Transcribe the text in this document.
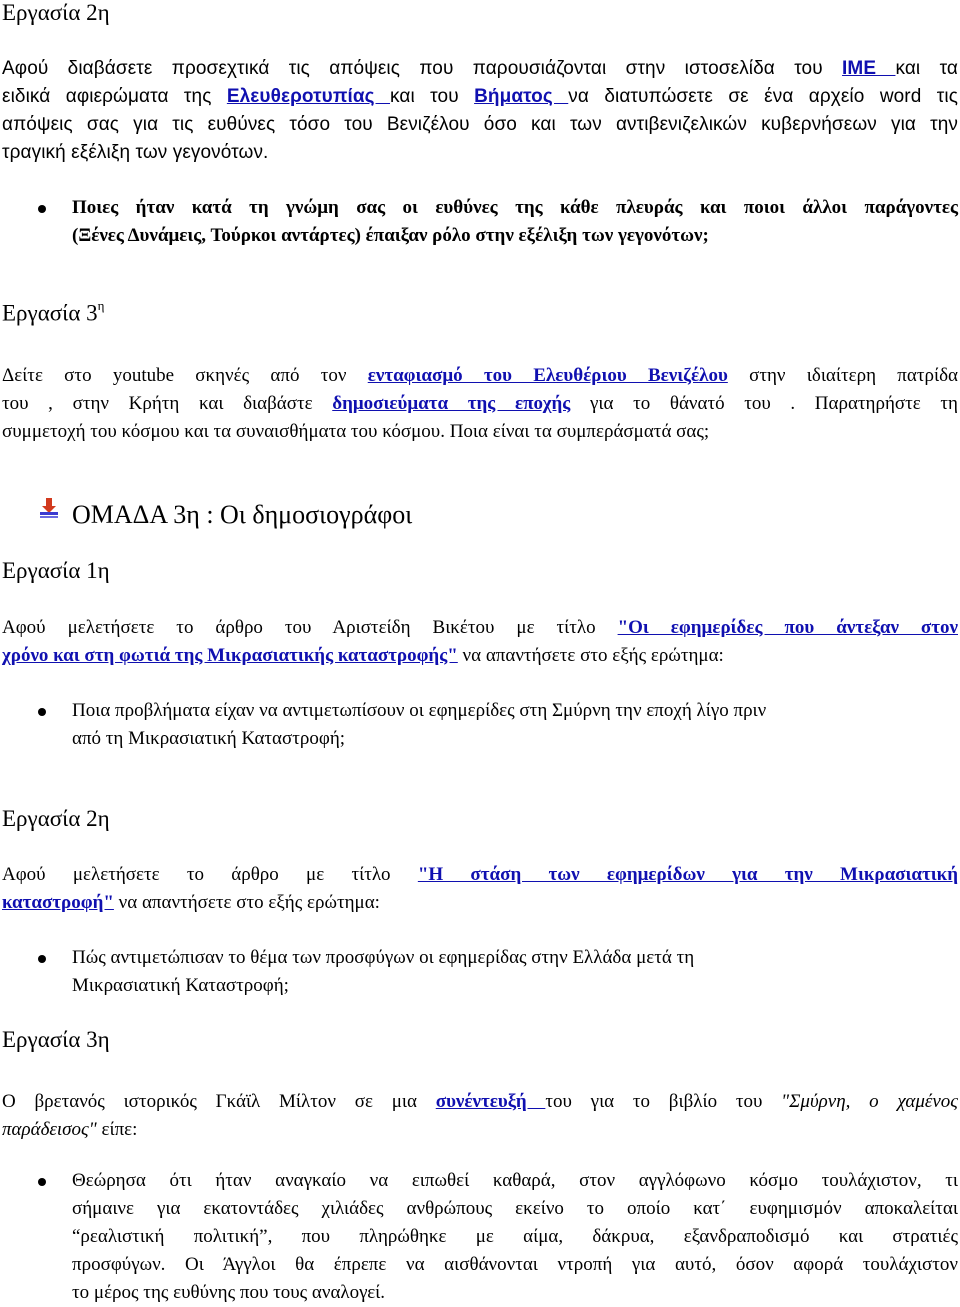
Εργασία 2η
Αφού διαβάσετε προσεχτικά τις απόψεις που παρουσιάζονται στην ιστοσελίδα του ΙΜΕ και τα
ειδικά αφιερώματα της Ελευθεροτυπίας και του Βήματος να διατυπώσετε σε ένα αρχείο word τις
απόψεις σας για τις ευθύνες τόσο του Βενιζέλου όσο και των αντιβενιζελικών κυβερνήσεων για την
τραγική εξέλιξη των γεγονότων.
Ποιες ήταν κατά τη γνώμη σας οι ευθύνες της κάθε πλευράς και ποιοι άλλοι παράγοντες
(Ξένες Δυνάμεις, Τούρκοι αντάρτες) έπαιξαν ρόλο στην εξέλιξη των γεγονότων;
Εργασία $3^\eta$
Δείτε στο youtube σκηνές από τον ενταφιασμό του Ελευθέριου Βενιζέλου στην ιδιαίτερη πατρίδα
του , στην Κρήτη και διαβάστε δημοσιεύματα της εποχής για το θάνατό του . Παρατηρήστε τη
συμμετοχή του κόσμου και τα συναισθήματα του κόσμου. Ποια είναι τα συμπεράσματά σας;
ΟΜΑΔΑ 3η : Οι δημοσιογράφοι
Εργασία 1η
Αφού μελετήσετε το άρθρο του Αριστείδη Βικέτου με τίτλο "Οι εφημερίδες που άντεξαν στον
χρόνο και στη φωτιά της Μικρασιατικής καταστροφής" να απαντήσετε στο εξής ερώτημα:
Ποια προβλήματα είχαν να αντιμετωπίσουν οι εφημερίδες στη Σμύρνη την εποχή λίγο πριν
από τη Μικρασιατική Καταστροφή;
Εργασία 2η
Αφού μελετήσετε το άρθρο με τίτλο "Η στάση των εφημερίδων για την Μικρασιατική
καταστροφή" να απαντήσετε στο εξής ερώτημα:
Πώς αντιμετώπισαν το θέμα των προσφύγων οι εφημερίδας στην Ελλάδα μετά τη
Μικρασιατική Καταστροφή;
Εργασία 3η
Ο βρετανός ιστορικός Γκάϊλ Μίλτον σε μια συνέντευξή του για το βιβλίο του "Σμύρνη, ο χαμένος
παράδεισος" είπε:
Θεώρησα ότι ήταν αναγκαίο να ειπωθεί καθαρά, στον αγγλόφωνο κόσμο τουλάχιστον, τι
σήμαινε για εκατοντάδες χιλιάδες ανθρώπους εκείνο το οποίο κατ΄ ευφημισμόν αποκαλείται
“ρεαλιστική πολιτική”, που πληρώθηκε με αίμα, δάκρυα, εξανδραποδισμό και στρατιές
προσφύγων. Οι Άγγλοι θα έπρεπε να αισθάνονται ντροπή για αυτό, όσον αφορά τουλάχιστον
το μέρος της ευθύνης που τους αναλογεί.
